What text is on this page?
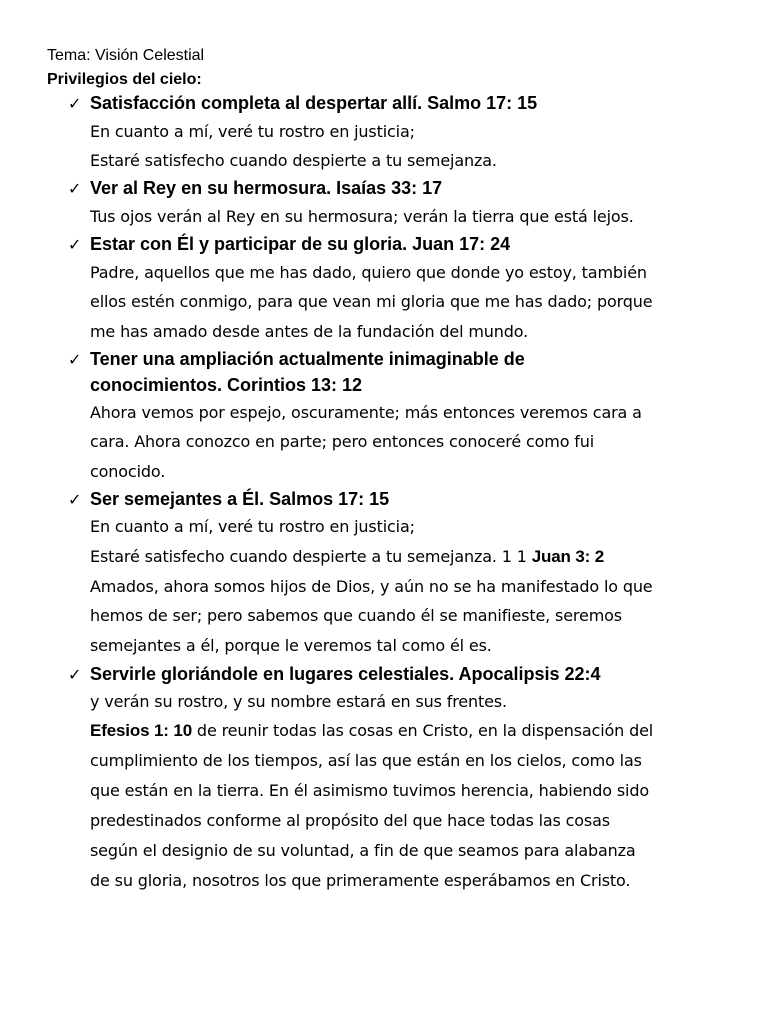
Tema: Visión Celestial
Privilegios del cielo:
✓ Satisfacción completa al despertar allí. Salmo 17: 15
En cuanto a mí, veré tu rostro en justicia;
Estaré satisfecho cuando despierte a tu semejanza.
✓ Ver al Rey en su hermosura. Isaías 33: 17
Tus ojos verán al Rey en su hermosura; verán la tierra que está lejos.
✓ Estar con Él y participar de su gloria. Juan 17: 24
Padre, aquellos que me has dado, quiero que donde yo estoy, también
ellos estén conmigo, para que vean mi gloria que me has dado; porque
me has amado desde antes de la fundación del mundo.
✓ Tener una ampliación actualmente inimaginable de
conocimientos. Corintios 13: 12
Ahora vemos por espejo, oscuramente; más entonces veremos cara a
cara. Ahora conozco en parte; pero entonces conoceré como fui
conocido.
✓ Ser semejantes a Él. Salmos 17: 15
En cuanto a mí, veré tu rostro en justicia;
Estaré satisfecho cuando despierte a tu semejanza. 1 1 Juan 3: 2
Amados, ahora somos hijos de Dios, y aún no se ha manifestado lo que
hemos de ser; pero sabemos que cuando él se manifieste, seremos
semejantes a él, porque le veremos tal como él es.
✓ Servirle gloriándole en lugares celestiales. Apocalipsis 22:4
y verán su rostro, y su nombre estará en sus frentes.
Efesios 1: 10 de reunir todas las cosas en Cristo, en la dispensación del
cumplimiento de los tiempos, así las que están en los cielos, como las
que están en la tierra. En él asimismo tuvimos herencia, habiendo sido
predestinados conforme al propósito del que hace todas las cosas
según el designio de su voluntad, a fin de que seamos para alabanza
de su gloria, nosotros los que primeramente esperábamos en Cristo.
